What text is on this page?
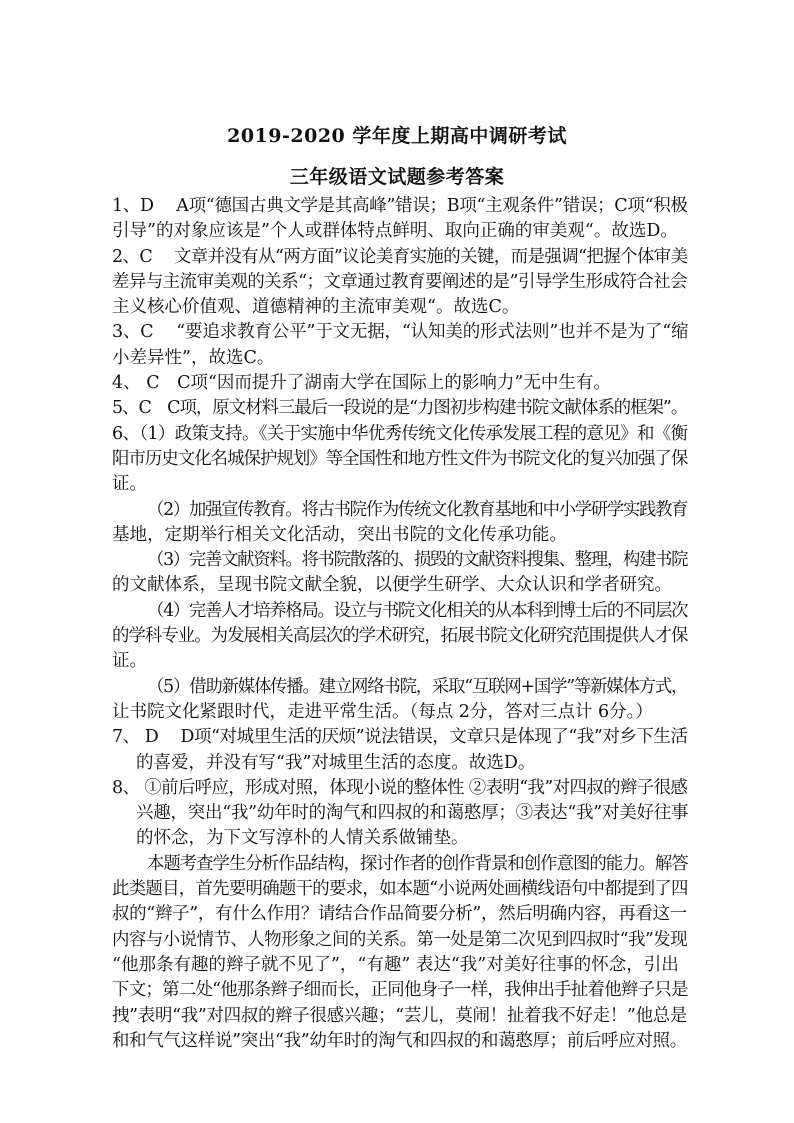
2019-2020 学年度上期高中调研考试
三年级语文试题参考答案

1、D　 A项“德国古典文学是其高峰”错误；B项“主观条件”错误；C项“积极

引导”的对象应该是”个人或群体特点鲜明、取向正确的审美观“。故选D。

2、C　 文章并没有从“两方面”议论美育实施的关键，而是强调“把握个体审美

差异与主流审美观的关系“；文章通过教育要阐述的是”引导学生形成符合社会

主义核心价值观、道德精神的主流审美观“。故选C。

3、C　 “要追求教育公平”于文无据，“认知美的形式法则”也并不是为了“缩

小差异性”，故选C。

4、 C　C项“因而提升了湖南大学在国际上的影响力”无中生有。

5、C　C项，原文材料三最后一段说的是“力图初步构建书院文献体系的框架”。

6、（1）政策支持。《关于实施中华优秀传统文化传承发展工程的意见》和《衡

阳市历史文化名城保护规划》等全国性和地方性文件为书院文化的复兴加强了保

证。

（2）加强宣传教育。将古书院作为传统文化教育基地和中小学研学实践教育

基地，定期举行相关文化活动，突出书院的文化传承功能。

（3）完善文献资料。将书院散落的、损毁的文献资料搜集、整理，构建书院

的文献体系，呈现书院文献全貌，以便学生研学、大众认识和学者研究。

（4）完善人才培养格局。设立与书院文化相关的从本科到博士后的不同层次

的学科专业。为发展相关高层次的学术研究，拓展书院文化研究范围提供人才保

证。

（5）借助新媒体传播。建立网络书院，采取“互联网+国学”等新媒体方式，

让书院文化紧跟时代，走进平常生活。（每点 2分，答对三点计 6分。）

7、 D　 D项“对城里生活的厌烦”说法错误，文章只是体现了“我”对乡下生活

的喜爱，并没有写“我”对城里生活的态度。故选D。

8、 ①前后呼应，形成对照，体现小说的整体性 ②表明“我”对四叔的辫子很感

兴趣，突出“我”幼年时的淘气和四叔的和蔼憨厚；③表达“我”对美好往事

的怀念，为下文写淳朴的人情关系做铺垫。

本题考查学生分析作品结构，探讨作者的创作背景和创作意图的能力。解答

此类题目，首先要明确题干的要求，如本题“小说两处画横线语句中都提到了四

叔的“辫子”，有什么作用？请结合作品简要分析”，然后明确内容，再看这一

内容与小说情节、人物形象之间的关系。第一处是第二次见到四叔时“我”发现

“他那条有趣的辫子就不见了”，“有趣” 表达“我”对美好往事的怀念，引出

下文；第二处“他那条辫子细而长，正同他身子一样，我伸出手扯着他辫子只是

拽”表明“我”对四叔的辫子很感兴趣；“芸儿，莫闹！扯着我不好走！”他总是

和和气气这样说”突出“我”幼年时的淘气和四叔的和蔼憨厚；前后呼应对照。
